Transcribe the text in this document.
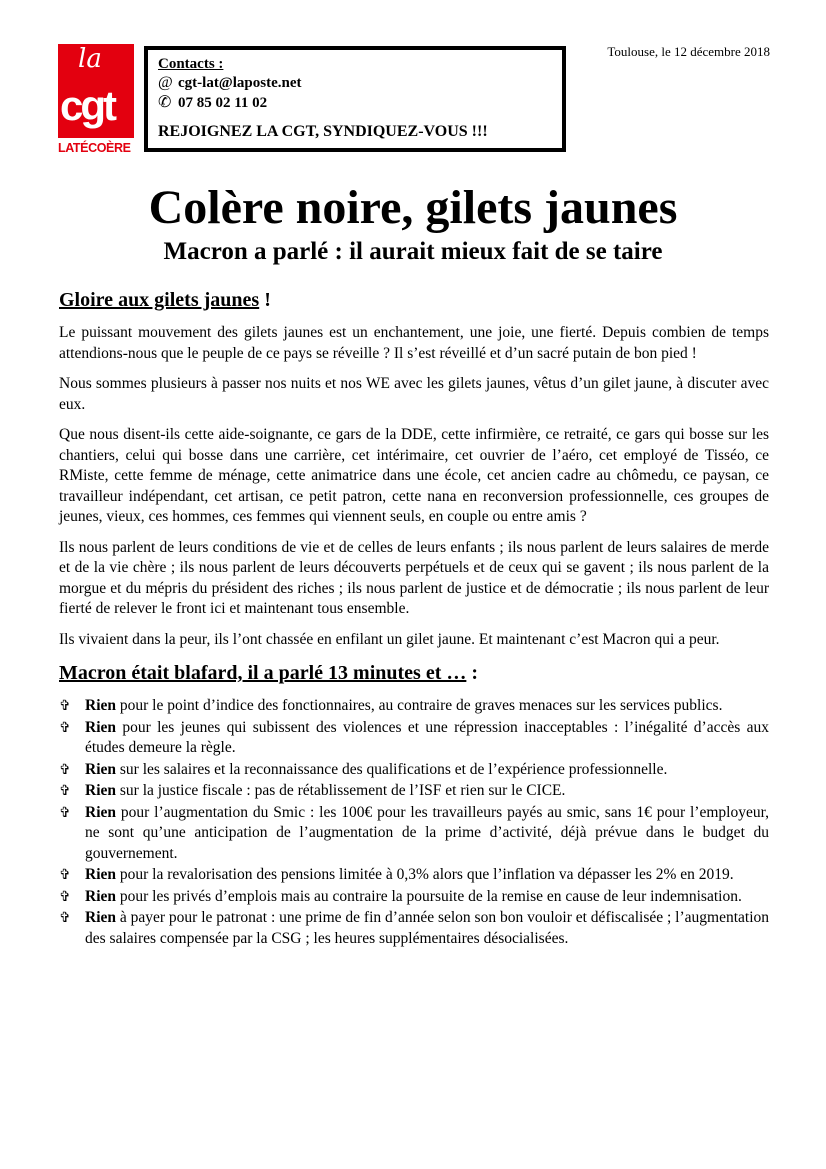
la
cgt
LATÉCOÈRE
Contacts :
@ cgt-lat@laposte.net
✆ 07 85 02 11 02
REJOIGNEZ LA CGT, SYNDIQUEZ-VOUS !!!
Toulouse, le 12 décembre 2018
Colère noire, gilets jaunes
Macron a parlé : il aurait mieux fait de se taire
Gloire aux gilets jaunes !

Le puissant mouvement des gilets jaunes est un enchantement, une joie, une fierté. Depuis combien de temps attendions-nous que le peuple de ce pays se réveille ? Il s’est réveillé et d’un sacré putain de bon pied !

Nous sommes plusieurs à passer nos nuits et nos WE avec les gilets jaunes, vêtus d’un gilet jaune, à discuter avec eux.

Que nous disent-ils cette aide-soignante, ce gars de la DDE, cette infirmière, ce retraité, ce gars qui bosse sur les chantiers, celui qui bosse dans une carrière, cet intérimaire, cet ouvrier de l’aéro, cet employé de Tisséo, ce RMiste, cette femme de ménage, cette animatrice dans une école, cet ancien cadre au chômedu, ce paysan, ce travailleur indépendant, cet artisan, ce petit patron, cette nana en reconversion professionnelle, ces groupes de jeunes, vieux, ces hommes, ces femmes qui viennent seuls, en couple ou entre amis ?

Ils nous parlent de leurs conditions de vie et de celles de leurs enfants ; ils nous parlent de leurs salaires de merde et de la vie chère ; ils nous parlent de leurs découverts perpétuels et de ceux qui se gavent ; ils nous parlent de la morgue et du mépris du président des riches ; ils nous parlent de justice et de démocratie ; ils nous parlent de leur fierté de relever le front ici et maintenant tous ensemble.

Ils vivaient dans la peur, ils l’ont chassée en enfilant un gilet jaune. Et maintenant c’est Macron qui a peur.

Macron était blafard, il a parlé 13 minutes et … :
✞ Rien pour le point d’indice des fonctionnaires, au contraire de graves menaces sur les services publics.
✞ Rien pour les jeunes qui subissent des violences et une répression inacceptables : l’inégalité d’accès aux études demeure la règle.
✞ Rien sur les salaires et la reconnaissance des qualifications et de l’expérience professionnelle.
✞ Rien sur la justice fiscale : pas de rétablissement de l’ISF et rien sur le CICE.
✞ Rien pour l’augmentation du Smic : les 100€ pour les travailleurs payés au smic, sans 1€ pour l’employeur, ne sont qu’une anticipation de l’augmentation de la prime d’activité, déjà prévue dans le budget du gouvernement.
✞ Rien pour la revalorisation des pensions limitée à 0,3% alors que l’inflation va dépasser les 2% en 2019.
✞ Rien pour les privés d’emplois mais au contraire la poursuite de la remise en cause de leur indemnisation.
✞ Rien à payer pour le patronat : une prime de fin d’année selon son bon vouloir et défiscalisée ; l’augmentation des salaires compensée par la CSG ; les heures supplémentaires désocialisées.
